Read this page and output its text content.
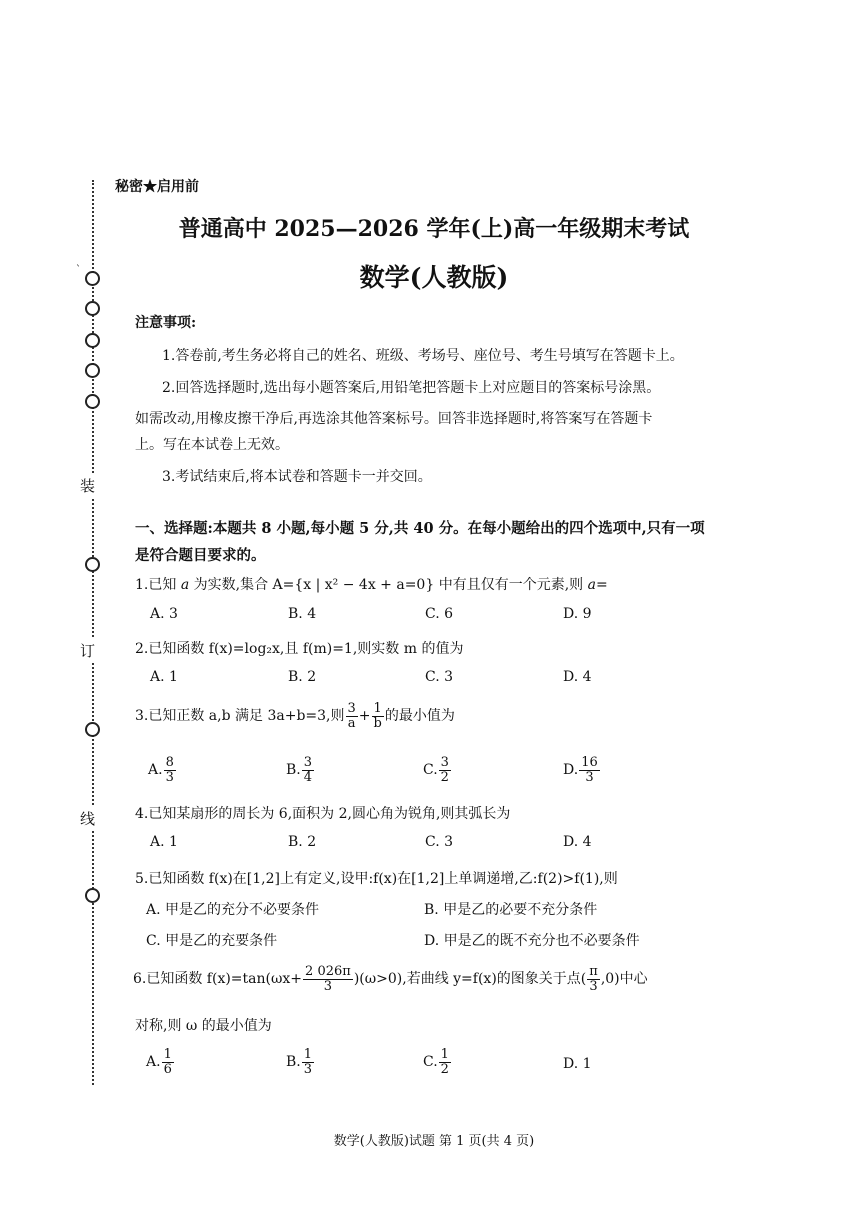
`
装
订
线
秘密★启用前
普通高中 2025—2026 学年(上)高一年级期末考试
数学(人教版)
注意事项:
1.答卷前,考生务必将自己的姓名、班级、考场号、座位号、考生号填写在答题卡上。
2.回答选择题时,选出每小题答案后,用铅笔把答题卡上对应题目的答案标号涂黑。
如需改动,用橡皮擦干净后,再选涂其他答案标号。回答非选择题时,将答案写在答题卡
上。写在本试卷上无效。
3.考试结束后,将本试卷和答题卡一并交回。
一、选择题:本题共 8 小题,每小题 5 分,共 40 分。在每小题给出的四个选项中,只有一项
是符合题目要求的。
1.已知 a 为实数,集合 A={x | x² − 4x + a=0} 中有且仅有一个元素,则 a=
A. 3	B. 4	C. 6	D. 9
2.已知函数 f(x)=log₂x,且 f(m)=1,则实数 m 的值为
A. 1	B. 2	C. 3	D. 4
3.已知正数 a,b 满足 3a+b=3,则 $\frac{3}{a} + \frac{1}{b}$ 的最小值为
A. $\frac{8}{3}$	B. $\frac{3}{4}$	C. $\frac{3}{2}$	D. $\frac{16}{3}$
4.已知某扇形的周长为 6,面积为 2,圆心角为锐角,则其弧长为
A. 1	B. 2	C. 3	D. 4
5.已知函数 f(x)在[1,2]上有定义,设甲:f(x)在[1,2]上单调递增,乙:f(2)>f(1),则
A. 甲是乙的充分不必要条件	B. 甲是乙的必要不充分条件
C. 甲是乙的充要条件	D. 甲是乙的既不充分也不必要条件
6.已知函数 $f(x)=\tan(\omega x+ \frac{2 026\pi}{3} )(\omega>0)$,若曲线 y=f(x)的图象关于点( $\frac{\pi}{3} ,0$)中心
对称,则 ω 的最小值为
A. $\frac{1}{6}$	B. $\frac{1}{3}$	C. $\frac{1}{2}$	D. 1
数学(人教版)试题 第 1 页(共 4 页)
